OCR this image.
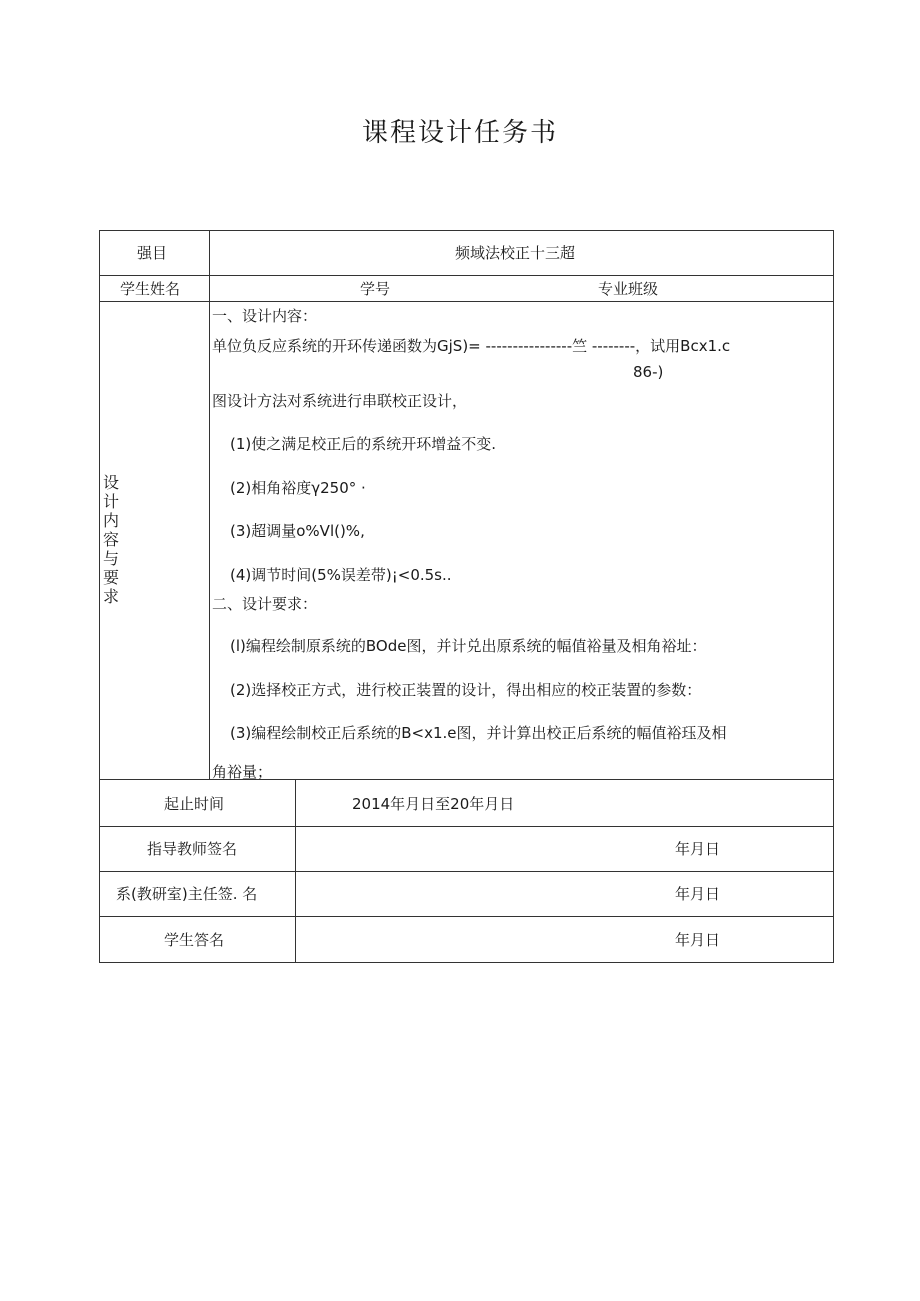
课程设计任务书
强目	频域法校正十三超
学生姓名	学号	专业班级
设计内容与要求
一、设计内容：
单位负反应系统的开环传递函数为GjS)= ----------------竺 --------，试用Bcx1.c
86-)
图设计方法对系统进行串联校正设计，
(1)使之满足校正后的系统开环增益不变.
(2)相角裕度γ250° ·
(3)超调量o%Vl()%,
(4)调节时间(5%误差带)¡<0.5s..
二、设计要求：
(l)编程绘制原系统的BOde图，并计兑出原系统的幅值裕量及相角裕址：
(2)选择校正方式，进行校正装置的设计，得出相应的校正装置的参数：
(3)编程绘制校正后系统的B<x1.e图，并计算出校正后系统的幅值裕珏及相
角裕量；
起止时间	2014年月日至20年月日
指导教师签名	年月日
系(教研室)主任签. 名	年月日
学生答名	年月日
